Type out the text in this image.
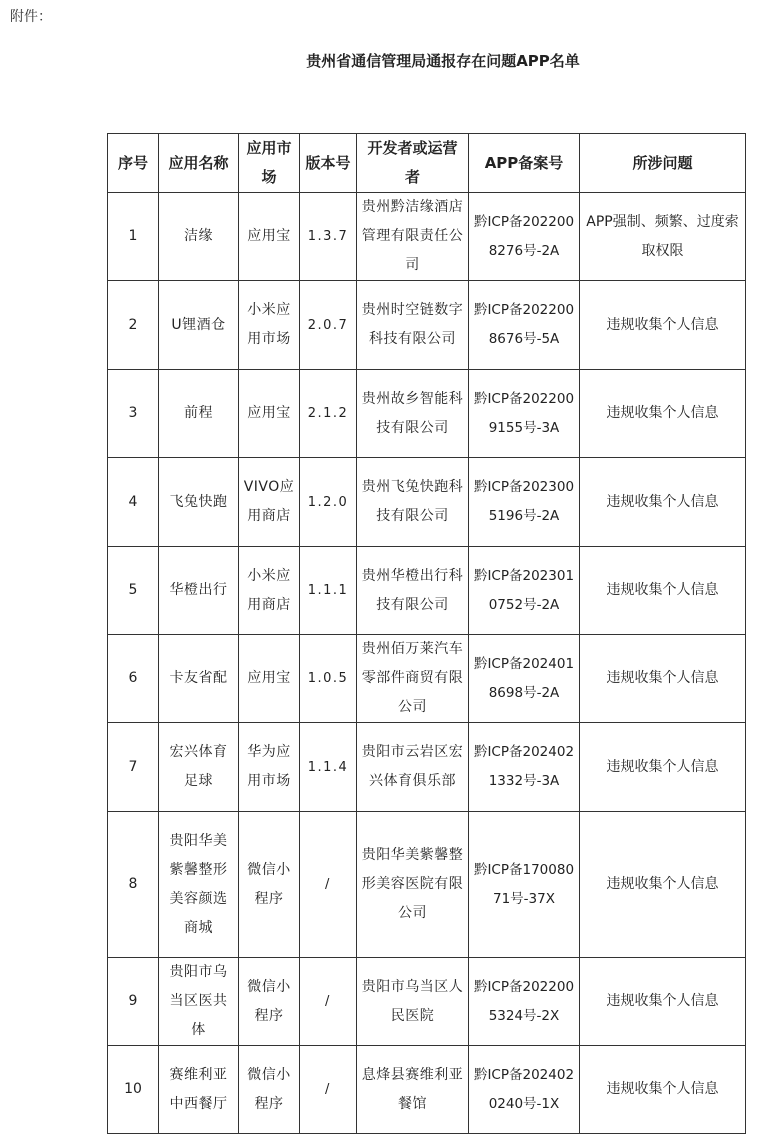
附件：
贵州省通信管理局通报存在问题APP名单
序号	应用名称	应用市场	版本号	开发者或运营者	APP备案号	所涉问题
1	洁缘	应用宝	1.3.7	贵州黔洁缘酒店管理有限责任公司	黔ICP备2022008276号-2A	APP强制、频繁、过度索取权限
2	U锂酒仓	小米应用市场	2.0.7	贵州时空链数字科技有限公司	黔ICP备2022008676号-5A	违规收集个人信息
3	前程	应用宝	2.1.2	贵州故乡智能科技有限公司	黔ICP备2022009155号-3A	违规收集个人信息
4	飞兔快跑	VIVO应用商店	1.2.0	贵州飞兔快跑科技有限公司	黔ICP备2023005196号-2A	违规收集个人信息
5	华橙出行	小米应用商店	1.1.1	贵州华橙出行科技有限公司	黔ICP备2023010752号-2A	违规收集个人信息
6	卡友省配	应用宝	1.0.5	贵州佰万莱汽车零部件商贸有限公司	黔ICP备2024018698号-2A	违规收集个人信息
7	宏兴体育足球	华为应用市场	1.1.4	贵阳市云岩区宏兴体育俱乐部	黔ICP备2024021332号-3A	违规收集个人信息
8	贵阳华美紫馨整形美容颜选商城	微信小程序	/	贵阳华美紫馨整形美容医院有限公司	黔ICP备17008071号-37X	违规收集个人信息
9	贵阳市乌当区医共体	微信小程序	/	贵阳市乌当区人民医院	黔ICP备2022005324号-2X	违规收集个人信息
10	赛维利亚中西餐厅	微信小程序	/	息烽县赛维利亚餐馆	黔ICP备2024020240号-1X	违规收集个人信息
